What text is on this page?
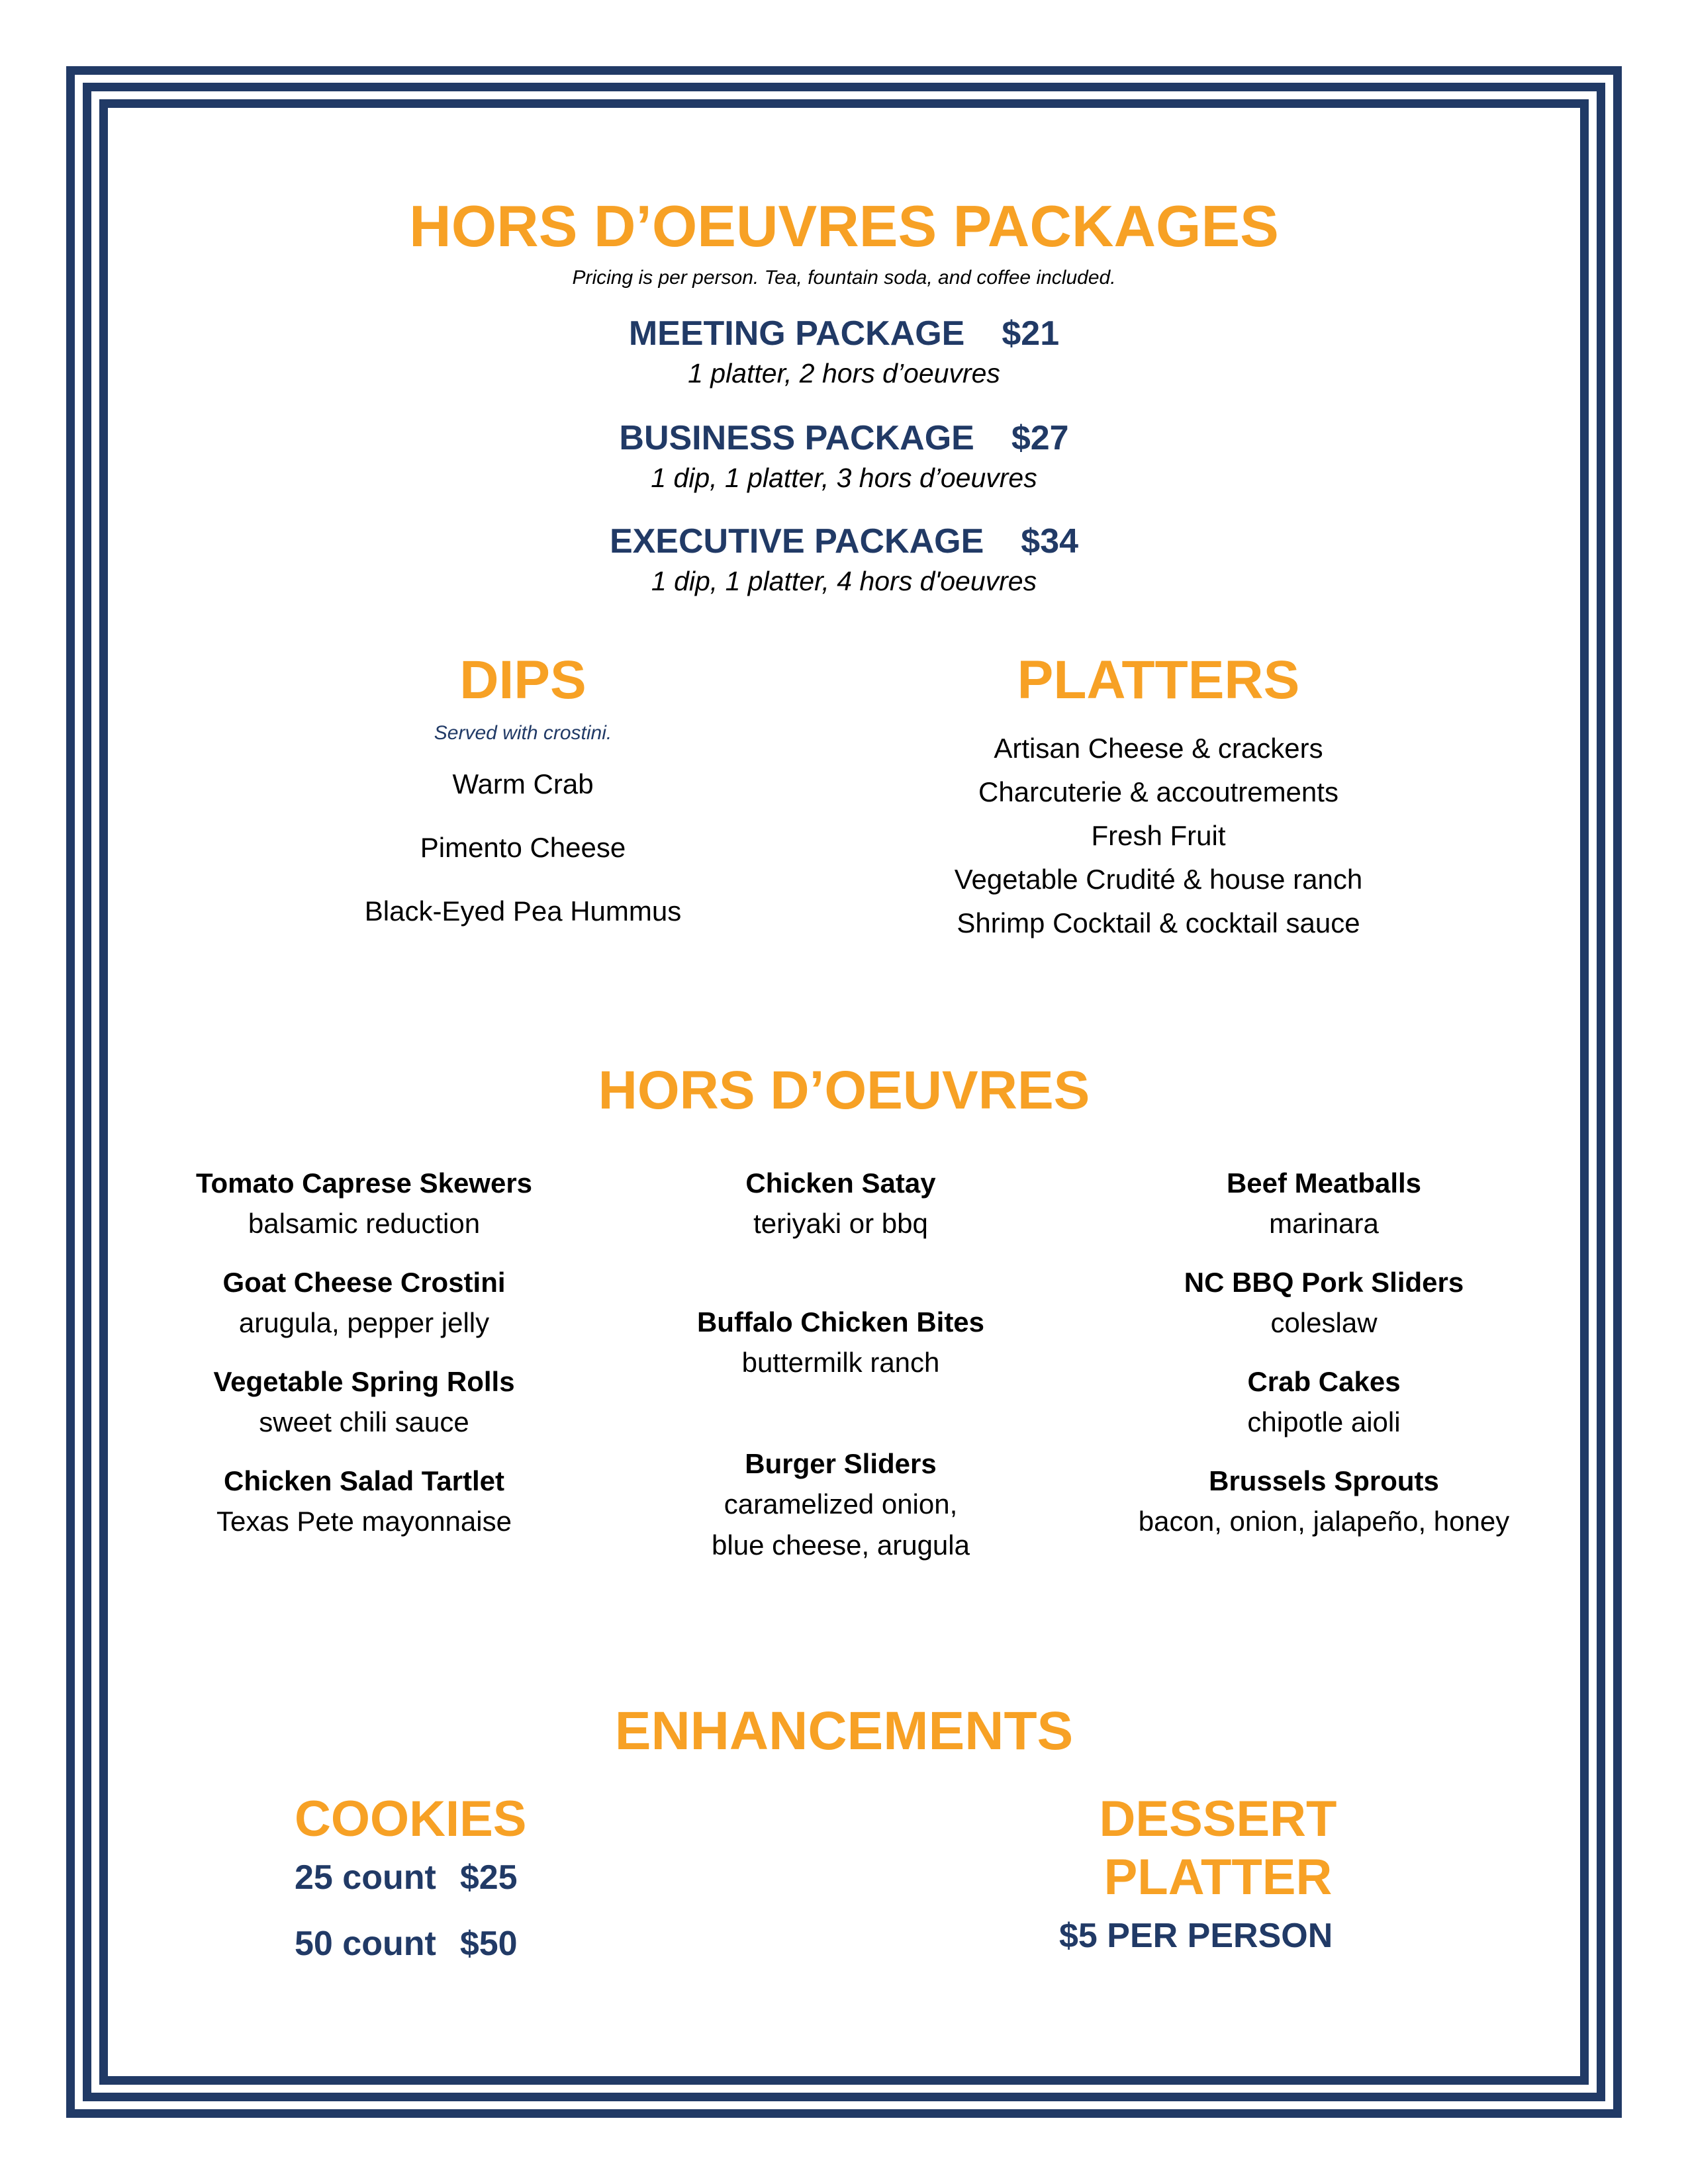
HORS D’OEUVRES PACKAGES
Pricing is per person. Tea, fountain soda, and coffee included.
MEETING PACKAGE $21
1 platter, 2 hors d’oeuvres
BUSINESS PACKAGE $27
1 dip, 1 platter, 3 hors d’oeuvres
EXECUTIVE PACKAGE $34
1 dip, 1 platter, 4 hors d'oeuvres
DIPS
Served with crostini.
Warm Crab
Pimento Cheese
Black-Eyed Pea Hummus
PLATTERS
Artisan Cheese & crackers
Charcuterie & accoutrements
Fresh Fruit
Vegetable Crudité & house ranch
Shrimp Cocktail & cocktail sauce
HORS D’OEUVRES
Tomato Caprese Skewers
balsamic reduction
Goat Cheese Crostini
arugula, pepper jelly
Vegetable Spring Rolls
sweet chili sauce
Chicken Salad Tartlet
Texas Pete mayonnaise
Chicken Satay
teriyaki or bbq
Buffalo Chicken Bites
buttermilk ranch
Burger Sliders
caramelized onion,
blue cheese, arugula
Beef Meatballs
marinara
NC BBQ Pork Sliders
coleslaw
Crab Cakes
chipotle aioli
Brussels Sprouts
bacon, onion, jalapeño, honey
ENHANCEMENTS
COOKIES
25 count $25
50 count $50
DESSERT PLATTER
$5 PER PERSON
